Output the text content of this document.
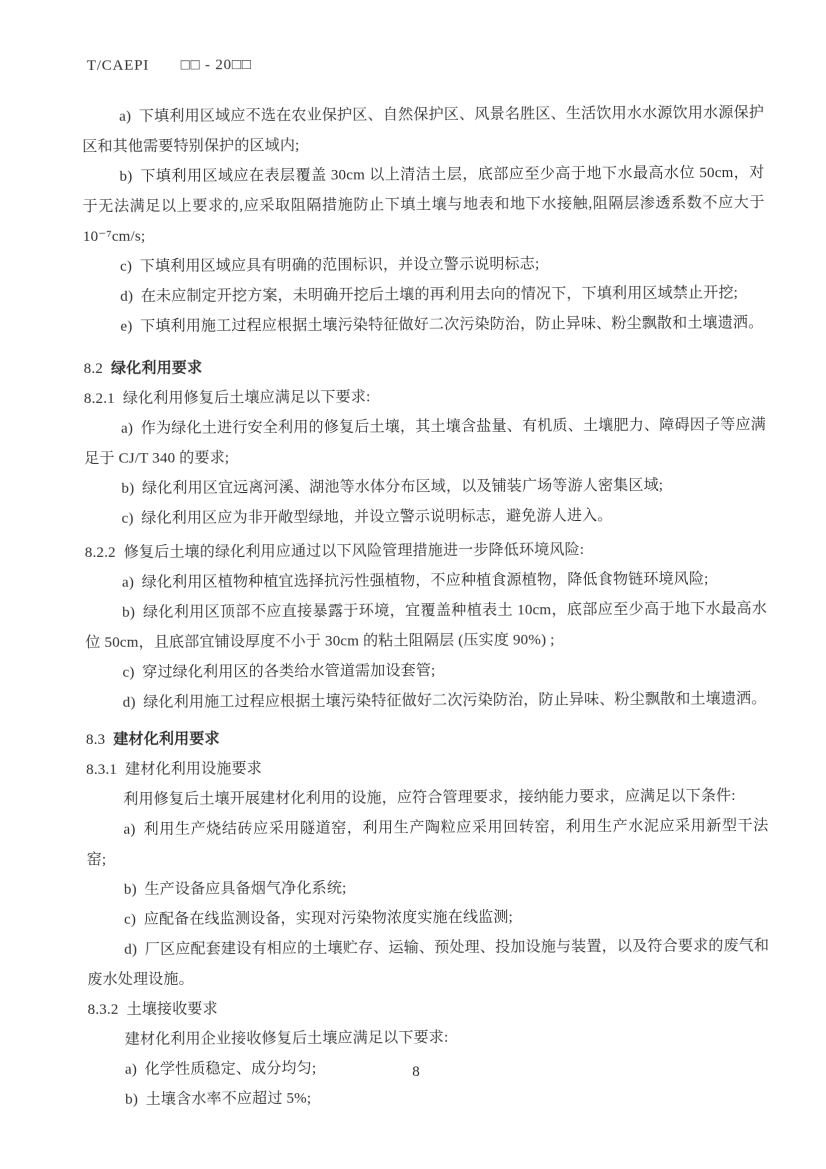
T/CAEPI　　□□ - 20□□

a) 下填利用区域应不选在农业保护区、自然保护区、风景名胜区、生活饮用水水源饮用水源保护区和其他需要特别保护的区域内;

b) 下填利用区域应在表层覆盖 30cm 以上清洁土层，底部应至少高于地下水最高水位 50cm，对于无法满足以上要求的,应采取阻隔措施防止下填土壤与地表和地下水接触,阻隔层渗透系数不应大于 10⁻⁷cm/s;

c) 下填利用区域应具有明确的范围标识，并设立警示说明标志;

d) 在未应制定开挖方案，未明确开挖后土壤的再利用去向的情况下，下填利用区域禁止开挖;

e) 下填利用施工过程应根据土壤污染特征做好二次污染防治，防止异味、粉尘飘散和土壤遗洒。

8.2 绿化利用要求

8.2.1 绿化利用修复后土壤应满足以下要求:

a) 作为绿化土进行安全利用的修复后土壤，其土壤含盐量、有机质、土壤肥力、障碍因子等应满足于 CJ/T 340 的要求;

b) 绿化利用区宜远离河溪、湖池等水体分布区域，以及铺装广场等游人密集区域;

c) 绿化利用区应为非开敞型绿地，并设立警示说明标志，避免游人进入。

8.2.2 修复后土壤的绿化利用应通过以下风险管理措施进一步降低环境风险:

a) 绿化利用区植物种植宜选择抗污性强植物，不应种植食源植物，降低食物链环境风险;

b) 绿化利用区顶部不应直接暴露于环境，宜覆盖种植表土 10cm，底部应至少高于地下水最高水位 50cm，且底部宜铺设厚度不小于 30cm 的粘土阻隔层 (压实度 90%) ;

c) 穿过绿化利用区的各类给水管道需加设套管;

d) 绿化利用施工过程应根据土壤污染特征做好二次污染防治，防止异味、粉尘飘散和土壤遗洒。

8.3 建材化利用要求

8.3.1 建材化利用设施要求

利用修复后土壤开展建材化利用的设施，应符合管理要求，接纳能力要求，应满足以下条件:

a) 利用生产烧结砖应采用隧道窑，利用生产陶粒应采用回转窑，利用生产水泥应采用新型干法窑;

b) 生产设备应具备烟气净化系统;

c) 应配备在线监测设备，实现对污染物浓度实施在线监测;

d) 厂区应配套建设有相应的土壤贮存、运输、预处理、投加设施与装置，以及符合要求的废气和废水处理设施。

8.3.2 土壤接收要求

建材化利用企业接收修复后土壤应满足以下要求:

a) 化学性质稳定、成分均匀;

b) 土壤含水率不应超过 5%;

8
